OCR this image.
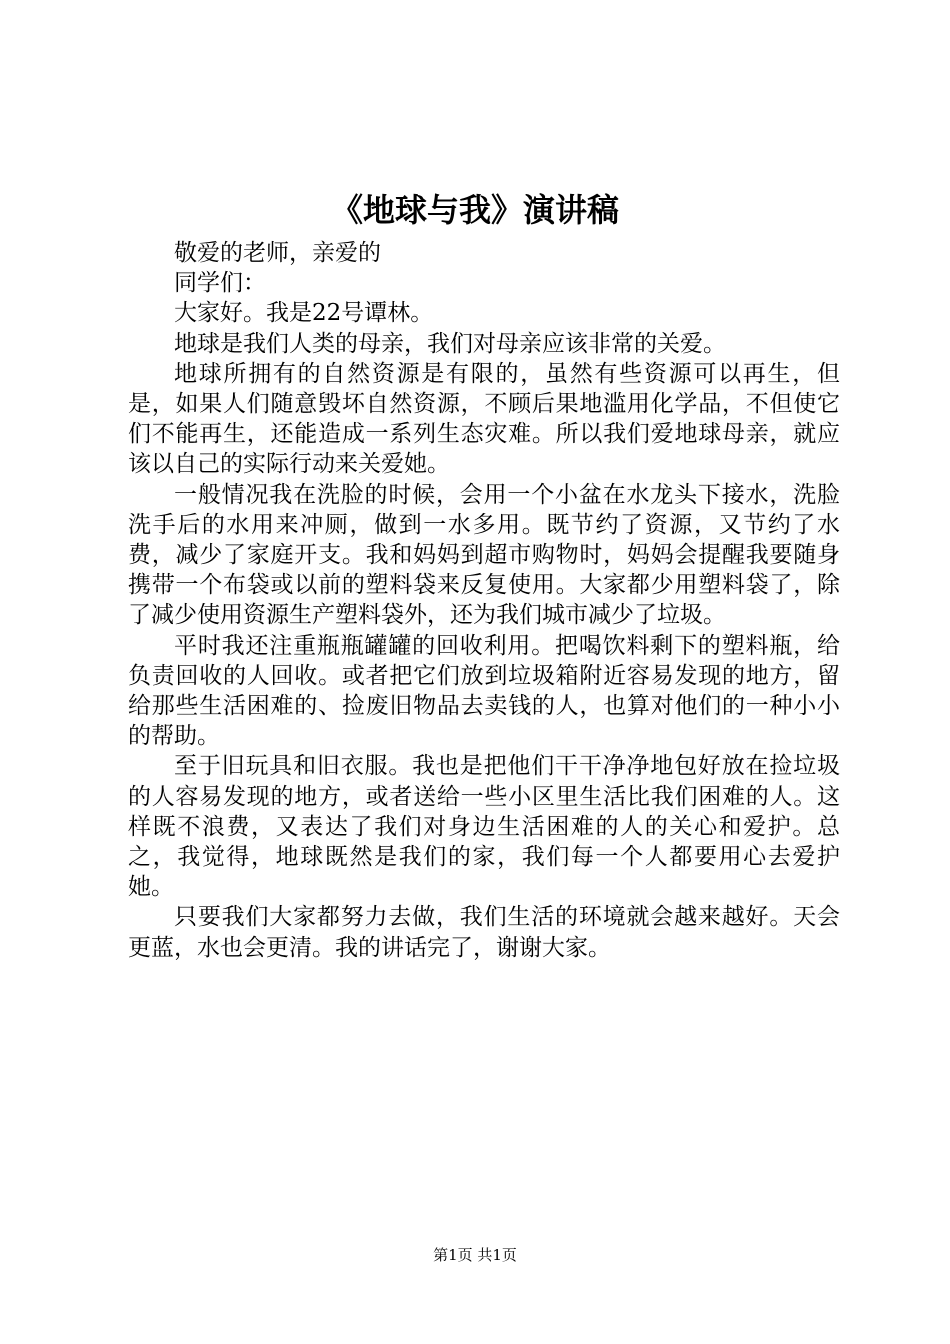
《地球与我》演讲稿

敬爱的老师，亲爱的

同学们：

大家好。我是22号谭林。

地球是我们人类的母亲，我们对母亲应该非常的关爱。

地球所拥有的自然资源是有限的，虽然有些资源可以再生，但是，如果人们随意毁坏自然资源，不顾后果地滥用化学品，不但使它们不能再生，还能造成一系列生态灾难。所以我们爱地球母亲，就应该以自己的实际行动来关爱她。

一般情况我在洗脸的时候，会用一个小盆在水龙头下接水，洗脸洗手后的水用来冲厕，做到一水多用。既节约了资源，又节约了水费，减少了家庭开支。我和妈妈到超市购物时，妈妈会提醒我要随身携带一个布袋或以前的塑料袋来反复使用。大家都少用塑料袋了，除了减少使用资源生产塑料袋外，还为我们城市减少了垃圾。

平时我还注重瓶瓶罐罐的回收利用。把喝饮料剩下的塑料瓶，给负责回收的人回收。或者把它们放到垃圾箱附近容易发现的地方，留给那些生活困难的、捡废旧物品去卖钱的人，也算对他们的一种小小的帮助。

至于旧玩具和旧衣服。我也是把他们干干净净地包好放在捡垃圾的人容易发现的地方，或者送给一些小区里生活比我们困难的人。这样既不浪费，又表达了我们对身边生活困难的人的关心和爱护。总之，我觉得，地球既然是我们的家，我们每一个人都要用心去爱护她。

只要我们大家都努力去做，我们生活的环境就会越来越好。天会更蓝，水也会更清。我的讲话完了，谢谢大家。

第1页 共1页
